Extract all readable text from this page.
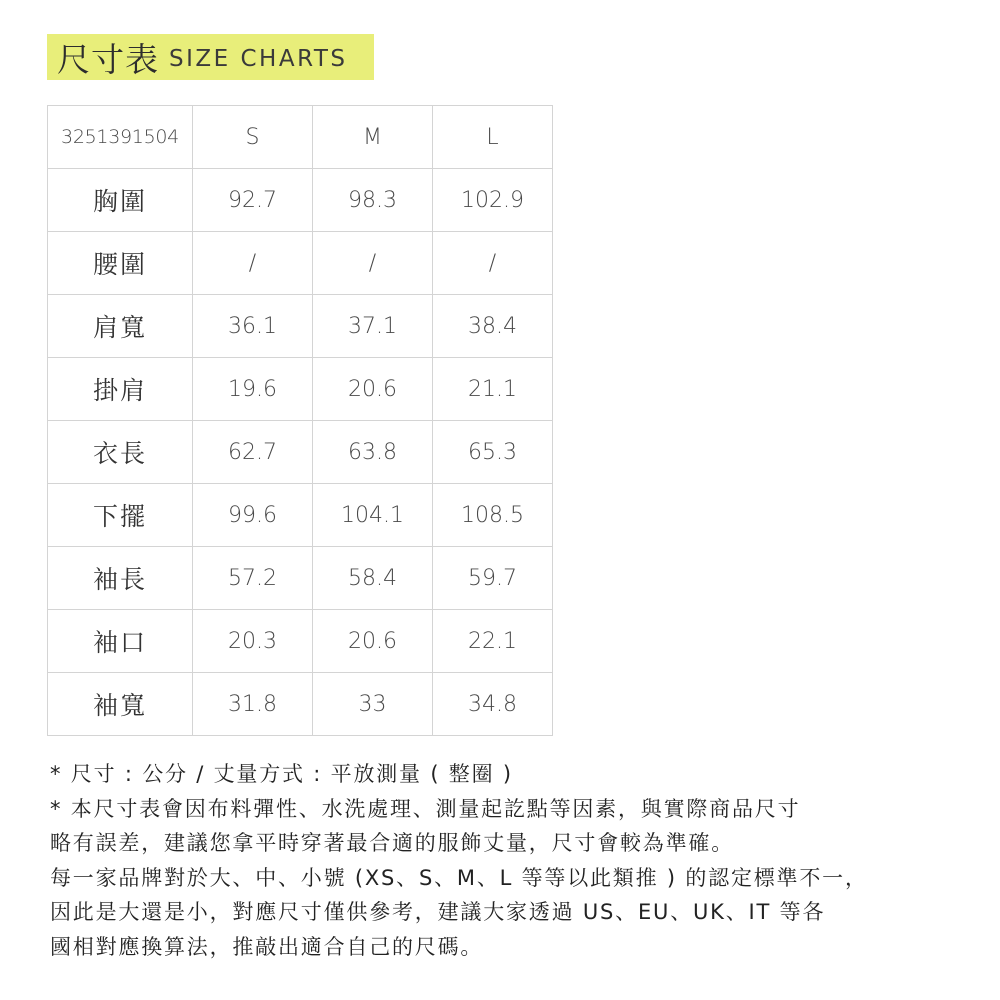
尺寸表 SIZE CHARTS
3251391504	S	M	L
胸圍	92.7	98.3	102.9
腰圍	/	/	/
肩寬	36.1	37.1	38.4
掛肩	19.6	20.6	21.1
衣長	62.7	63.8	65.3
下擺	99.6	104.1	108.5
袖長	57.2	58.4	59.7
袖口	20.3	20.6	22.1
袖寬	31.8	33	34.8

* 尺寸 : 公分 / 丈量方式 : 平放測量 ( 整圈 )

* 本尺寸表會因布料彈性、水洗處理、測量起訖點等因素，與實際商品尺寸

略有誤差，建議您拿平時穿著最合適的服飾丈量，尺寸會較為準確。

每一家品牌對於大、中、小號 (XS、S、M、L 等等以此類推 ) 的認定標準不一，

因此是大還是小，對應尺寸僅供參考，建議大家透過 US、EU、UK、IT 等各

國相對應換算法，推敲出適合自己的尺碼。
